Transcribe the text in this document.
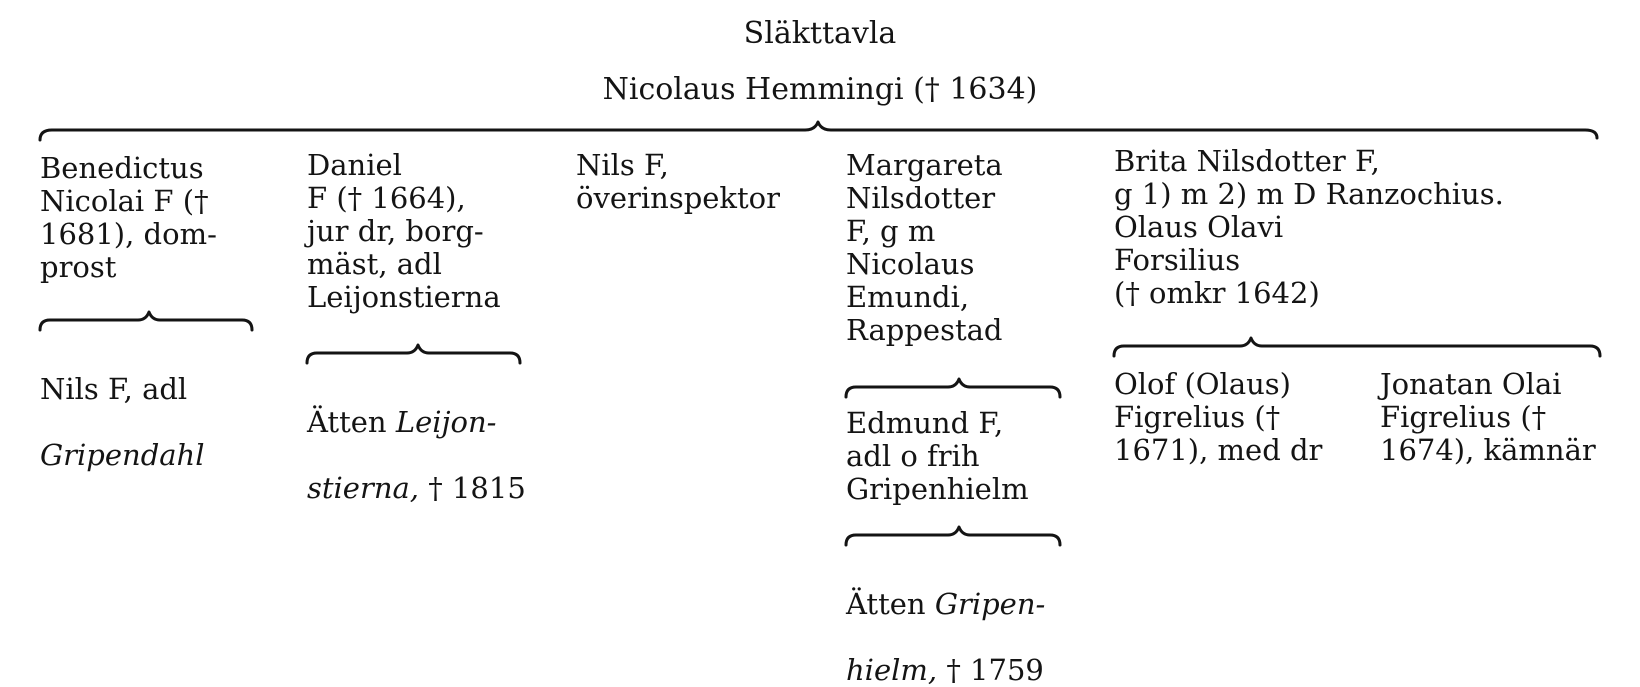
Släkttavla
Nicolaus Hemmingi († 1634)
Benedictus
Nicolai F (†
1681), dom-
prost
Daniel
F († 1664),
jur dr, borg-
mäst, adl
Leijonstierna
Nils F,
överinspektor
Margareta
Nilsdotter
F, g m
Nicolaus
Emundi,
Rappestad
Brita Nilsdotter F,
g 1) m 2) m D Ranzochius.
Olaus Olavi
Forsilius
(† omkr 1642)

Nils F, adl

Gripendahl

Ätten Leijon-

stierna, † 1815

Edmund F,
adl o frih
Gripenhielm

Ätten Gripen-

hielm, † 1759

Olof (Olaus)
Figrelius (†
1671), med dr
Jonatan Olai
Figrelius (†
1674), kämnär
